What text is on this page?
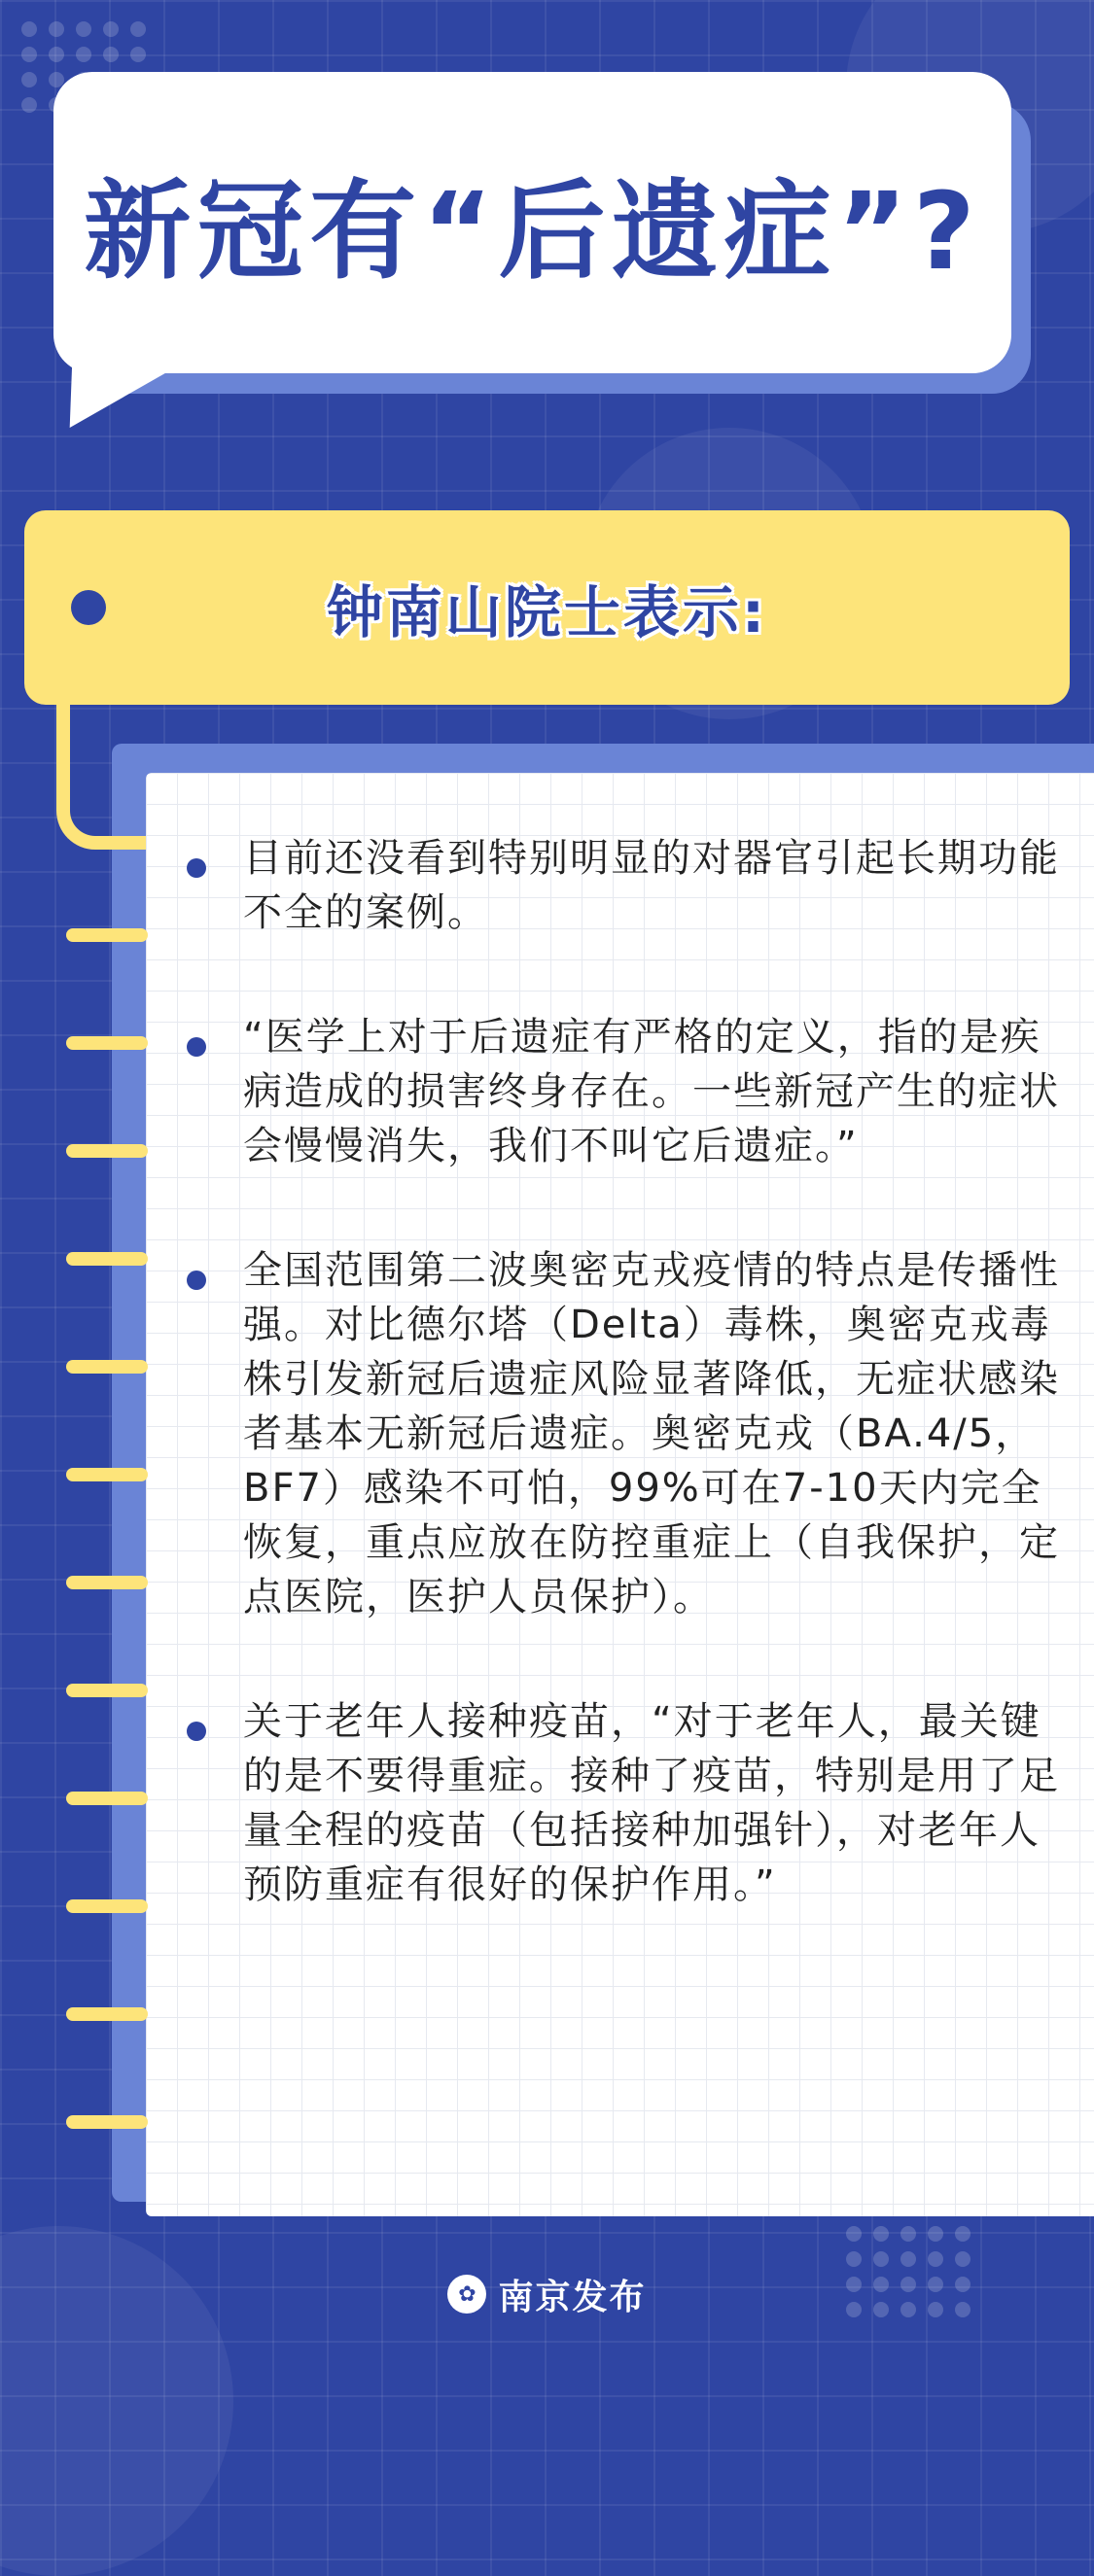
新冠有“后遗症”?
钟南山院士表示:
目前还没看到特别明显的对器官引起长期功能不全的案例。
“医学上对于后遗症有严格的定义，指的是疾病造成的损害终身存在。一些新冠产生的症状会慢慢消失，我们不叫它后遗症。”
全国范围第二波奥密克戎疫情的特点是传播性强。对比德尔塔（Delta）毒株，奥密克戎毒株引发新冠后遗症风险显著降低，无症状感染者基本无新冠后遗症。奥密克戎（BA.4/5，BF7）感染不可怕，99%可在7-10天内完全恢复，重点应放在防控重症上（自我保护，定点医院，医护人员保护）。
关于老年人接种疫苗，“对于老年人，最关键的是不要得重症。接种了疫苗，特别是用了足量全程的疫苗（包括接种加强针），对老年人预防重症有很好的保护作用。”
✿ 南京发布
